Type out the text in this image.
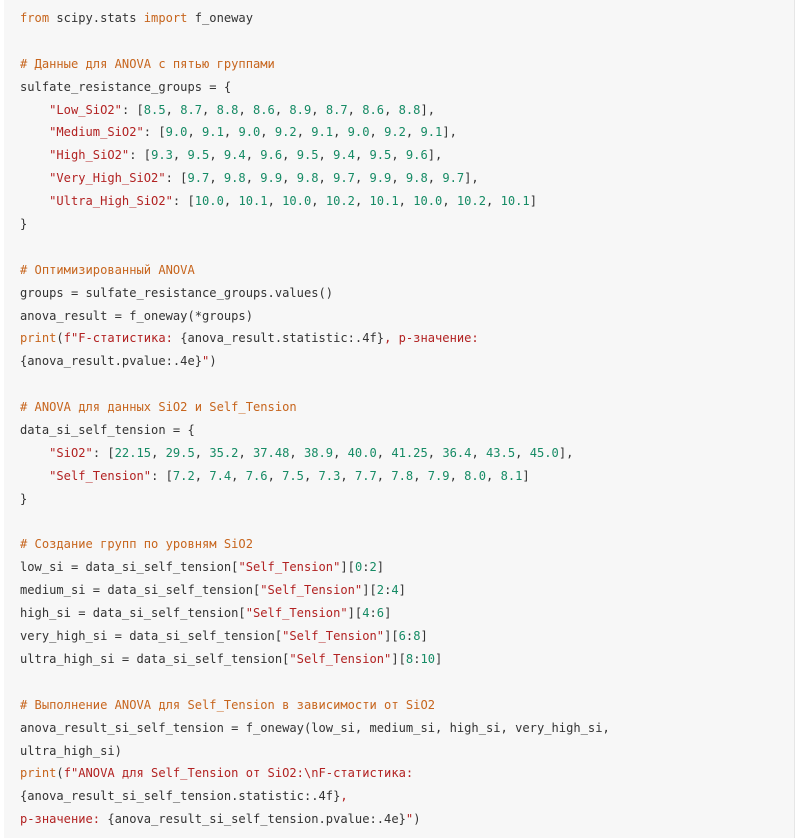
from scipy.stats import f_oneway
# Данные для ANOVA с пятью группами
sulfate_resistance_groups = {
"Low_SiO2": [8.5, 8.7, 8.8, 8.6, 8.9, 8.7, 8.6, 8.8],
"Medium_SiO2": [9.0, 9.1, 9.0, 9.2, 9.1, 9.0, 9.2, 9.1],
"High_SiO2": [9.3, 9.5, 9.4, 9.6, 9.5, 9.4, 9.5, 9.6],
"Very_High_SiO2": [9.7, 9.8, 9.9, 9.8, 9.7, 9.9, 9.8, 9.7],
"Ultra_High_SiO2": [10.0, 10.1, 10.0, 10.2, 10.1, 10.0, 10.2, 10.1]
}
# Оптимизированный ANOVA
groups = sulfate_resistance_groups.values()
anova_result = f_oneway(*groups)
print(f"F-статистика: {anova_result.statistic:.4f}, p-значение:
{anova_result.pvalue:.4e}")
# ANOVA для данных SiO2 и Self_Tension
data_si_self_tension = {
"SiO2": [22.15, 29.5, 35.2, 37.48, 38.9, 40.0, 41.25, 36.4, 43.5, 45.0],
"Self_Tension": [7.2, 7.4, 7.6, 7.5, 7.3, 7.7, 7.8, 7.9, 8.0, 8.1]
}
# Создание групп по уровням SiO2
low_si = data_si_self_tension["Self_Tension"][0:2]
medium_si = data_si_self_tension["Self_Tension"][2:4]
high_si = data_si_self_tension["Self_Tension"][4:6]
very_high_si = data_si_self_tension["Self_Tension"][6:8]
ultra_high_si = data_si_self_tension["Self_Tension"][8:10]
# Выполнение ANOVA для Self_Tension в зависимости от SiO2
anova_result_si_self_tension = f_oneway(low_si, medium_si, high_si, very_high_si,
ultra_high_si)
print(f"ANOVA для Self_Tension от SiO2:\nF-статистика:
{anova_result_si_self_tension.statistic:.4f},
p-значение: {anova_result_si_self_tension.pvalue:.4e}")
